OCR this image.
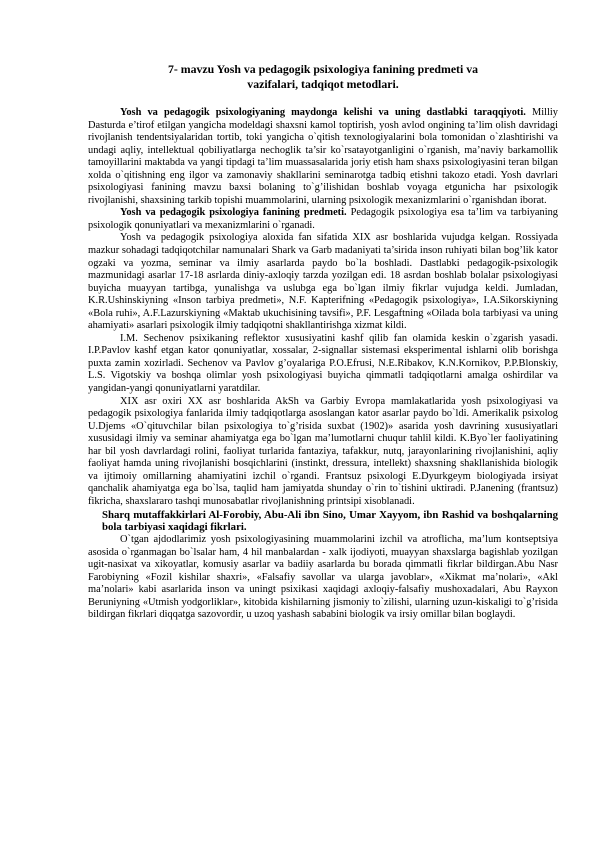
7- mavzu Yosh va pedagogik psixologiya fanining predmeti va
vazifalari, tadqiqot metodlari.

Yosh va pedagogik psixologiyaning maydonga kelishi va uning dastlabki taraqqiyoti. Milliy Dasturda e’tirof etilgan yangicha modeldagi shaxsni kamol toptirish, yosh avlod ongining ta’lim olish davridagi rivojlanish tendentsiyalaridan tortib, toki yangicha o`qitish texnologiyalarini bola tomonidan o`zlashtirishi va undagi aqliy, intellektual qobiliyatlarga nechoglik ta’sir ko`rsatayotganligini o`rganish, ma’naviy barkamollik tamoyillarini maktabda va yangi tipdagi ta’lim muassasalarida joriy etish ham shaxs psixologiyasini teran bilgan xolda o`qitishning eng ilgor va zamonaviy shakllarini seminarotga tadbiq etishni takozo etadi. Yosh davrlari psixologiyasi fanining mavzu baxsi bolaning to`g’ilishidan boshlab voyaga etgunicha har psixologik rivojlanishi, shaxsining tarkib topishi muammolarini, ularning psixologik mexanizmlarini o`rganishdan iborat.

Yosh va pedagogik psixologiya fanining predmeti. Pedagogik psixologiya esa ta’lim va tarbiyaning psixologik qonuniyatlari va mexanizmlarini o`rganadi.

Yosh va pedagogik psixologiya aloxida fan sifatida XIX asr boshlarida vujudga kelgan. Rossiyada mazkur sohadagi tadqiqotchilar namunalari Shark va Garb madaniyati ta’sirida inson ruhiyati bilan bog’lik kator ogzaki va yozma, seminar va ilmiy asarlarda paydo bo`la boshladi. Dastlabki pedagogik-psixologik mazmunidagi asarlar 17-18 asrlarda diniy-axloqiy tarzda yozilgan edi. 18 asrdan boshlab bolalar psixologiyasi buyicha muayyan tartibga, yunalishga va uslubga ega bo`lgan ilmiy fikrlar vujudga keldi. Jumladan, K.R.Ushinskiyning «Inson tarbiya predmeti», N.F. Kapterifning «Pedagogik psixologiya», I.A.Sikorskiyning «Bola ruhi», A.F.Lazurskiyning «Maktab ukuchisining tavsifi», P.F. Lesgaftning «Oilada bola tarbiyasi va uning ahamiyati» asarlari psixologik ilmiy tadqiqotni shakllantirishga xizmat kildi.

I.M. Sechenov psixikaning reflektor xususiyatini kashf qilib fan olamida keskin o`zgarish yasadi. I.P.Pavlov kashf etgan kator qonuniyatlar, xossalar, 2-signallar sistemasi eksperimental ishlarni olib borishga puxta zamin xozirladi. Sechenov va Pavlov g’oyalariga P.O.Efrusi, N.E.Ribakov, K.N.Kornikov, P.P.Blonskiy, L.S. Vigotskiy va boshqa olimlar yosh psixologiyasi buyicha qimmatli tadqiqotlarni amalga oshirdilar va yangidan-yangi qonuniyatlarni yaratdilar.

XIX asr oxiri XX asr boshlarida AkSh va Garbiy Evropa mamlakatlarida yosh psixologiyasi va pedagogik psixologiya fanlarida ilmiy tadqiqotlarga asoslangan kator asarlar paydo bo`ldi. Amerikalik psixolog U.Djems «O`qituvchilar bilan psixologiya to`g’risida suxbat (1902)» asarida yosh davrining xususiyatlari xususidagi ilmiy va seminar ahamiyatga ega bo`lgan ma’lumotlarni chuqur tahlil kildi. K.Byo`ler faoliyatining har bil yosh davrlardagi rolini, faoliyat turlarida fantaziya, tafakkur, nutq, jarayonlarining rivojlanishini, aqliy faoliyat hamda uning rivojlanishi bosqichlarini (instinkt, dressura, intellekt) shaxsning shakllanishida biologik va ijtimoiy omillarning ahamiyatini izchil o`rgandi. Frantsuz psixologi E.Dyurkgeym biologiyada irsiyat qanchalik ahamiyatga ega bo`lsa, taqlid ham jamiyatda shunday o`rin to`tishini uktiradi. P.Janening (frantsuz) fikricha, shaxslararo tashqi munosabatlar rivojlanishning printsipi xisoblanadi.

Sharq mutaffakkirlari Al-Forobiy, Abu-Ali ibn Sino, Umar Xayyom, ibn Rashid va boshqalarning bola tarbiyasi xaqidagi fikrlari.

O`tgan ajdodlarimiz yosh psixologiyasining muammolarini izchil va atroflicha, ma’lum kontseptsiya asosida o`rganmagan bo`lsalar ham, 4 hil manbalardan - xalk ijodiyoti, muayyan shaxslarga bagishlab yozilgan ugit-nasixat va xikoyatlar, komusiy asarlar va badiiy asarlarda bu borada qimmatli fikrlar bildirgan.Abu Nasr Farobiyning «Fozil kishilar shaxri», «Falsafiy savollar va ularga javoblar», «Xikmat ma’nolari», «Akl ma’nolari» kabi asarlarida inson va uningt psixikasi xaqidagi axloqiy-falsafiy mushoxadalari, Abu Rayxon Beruniyning «Utmish yodgorliklar», kitobida kishilarning jismoniy to`zilishi, ularning uzun-kiskaligi to`g’risida bildirgan fikrlari diqqatga sazovordir, u uzoq yashash sababini biologik va irsiy omillar bilan boglaydi.
